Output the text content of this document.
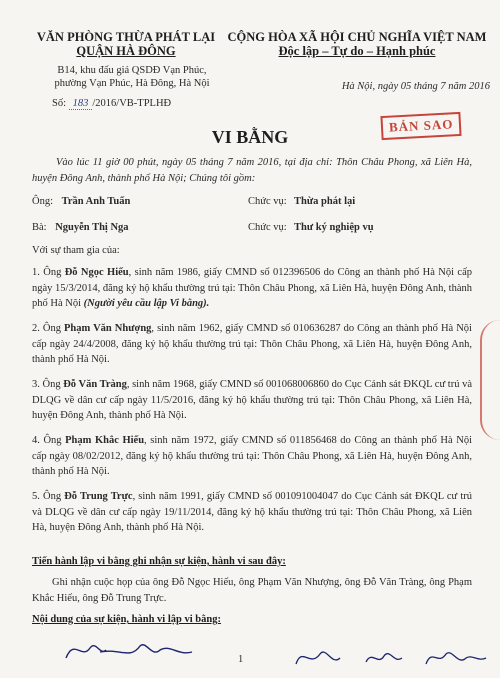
VĂN PHÒNG THỪA PHÁT LẠI
QUẬN HÀ ĐÔNG
B14, khu đấu giá QSDĐ Vạn Phúc,
phường Vạn Phúc, Hà Đông, Hà Nội
Số: 183 /2016/VB-TPLHĐ
CỘNG HÒA XÃ HỘI CHỦ NGHĨA VIỆT NAM
Độc lập – Tự do – Hạnh phúc
Hà Nội, ngày 05 tháng 7 năm 2016
VI BẰNG
BẢN SAO
Vào lúc 11 giờ 00 phút, ngày 05 tháng 7 năm 2016, tại địa chỉ: Thôn Châu Phong, xã Liên Hà, huyện Đông Anh, thành phố Hà Nội; Chúng tôi gồm:
Ông: Trần Anh Tuấn	Chức vụ: Thừa phát lại
Bà: Nguyễn Thị Nga	Chức vụ: Thư ký nghiệp vụ
Với sự tham gia của:
1. Ông Đỗ Ngọc Hiếu, sinh năm 1986, giấy CMND số 012396506 do Công an thành phố Hà Nội cấp ngày 15/3/2014, đăng ký hộ khẩu thường trú tại: Thôn Châu Phong, xã Liên Hà, huyện Đông Anh, thành phố Hà Nội (Người yêu cầu lập Vi bằng).
2. Ông Phạm Văn Nhượng, sinh năm 1962, giấy CMND số 010636287 do Công an thành phố Hà Nội cấp ngày 24/4/2008, đăng ký hộ khẩu thường trú tại: Thôn Châu Phong, xã Liên Hà, huyện Đông Anh, thành phố Hà Nội.
3. Ông Đỗ Văn Tràng, sinh năm 1968, giấy CMND số 001068006860 do Cục Cảnh sát ĐKQL cư trú và DLQG về dân cư cấp ngày 11/5/2016, đăng ký hộ khẩu thường trú tại: Thôn Châu Phong, xã Liên Hà, huyện Đông Anh, thành phố Hà Nội.
4. Ông Phạm Khắc Hiếu, sinh năm 1972, giấy CMND số 011856468 do Công an thành phố Hà Nội cấp ngày 08/02/2012, đăng ký hộ khẩu thường trú tại: Thôn Châu Phong, xã Liên Hà, huyện Đông Anh, thành phố Hà Nội.
5. Ông Đỗ Trung Trực, sinh năm 1991, giấy CMND số 001091004047 do Cục Cảnh sát ĐKQL cư trú và DLQG về dân cư cấp ngày 19/11/2014, đăng ký hộ khẩu thường trú tại: Thôn Châu Phong, xã Liên Hà, huyện Đông Anh, thành phố Hà Nội.
Tiến hành lập vi bằng ghi nhận sự kiện, hành vi sau đây:
Ghi nhận cuộc họp của ông Đỗ Ngọc Hiếu, ông Phạm Văn Nhượng, ông Đỗ Văn Tràng, ông Phạm Khắc Hiếu, ông Đỗ Trung Trực.
Nội dung của sự kiện, hành vi lập vi bằng:
1
